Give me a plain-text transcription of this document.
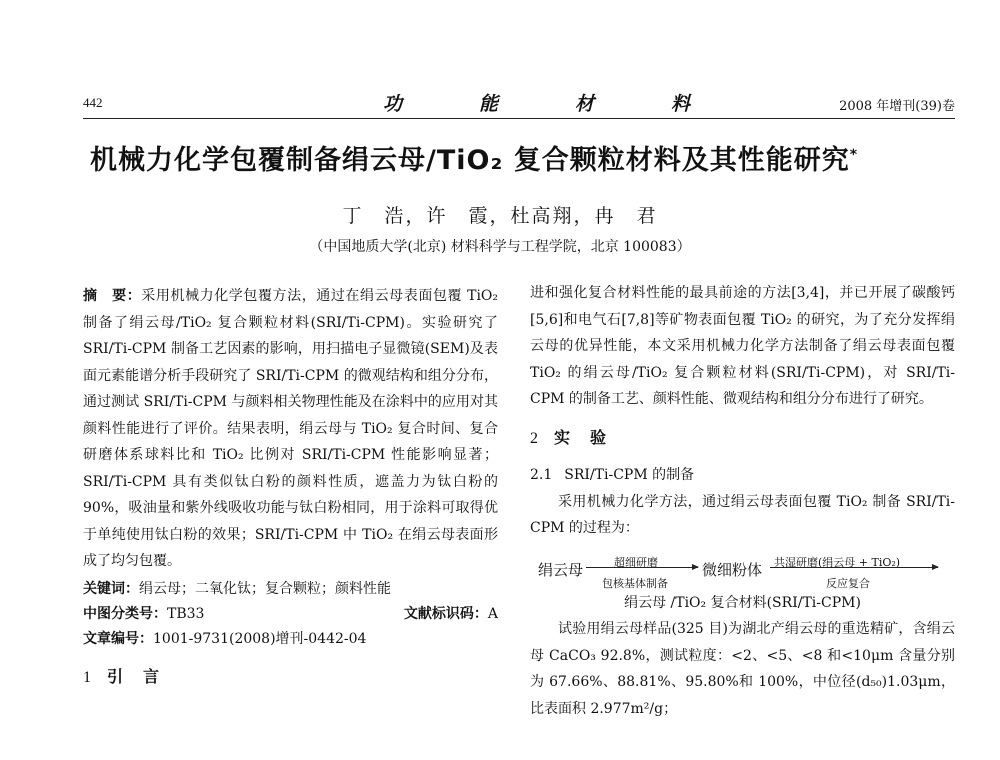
442	功	能	材	料	2008 年增刊(39)卷
机械力化学包覆制备绢云母/TiO₂ 复合颗粒材料及其性能研究*
丁　浩，许　霞，杜高翔，冉　君
（中国地质大学(北京) 材料科学与工程学院，北京 100083）
摘　要：采用机械力化学包覆方法，通过在绢云母表面包覆 TiO₂ 制备了绢云母/TiO₂ 复合颗粒材料(SRI/Ti-CPM)。实验研究了 SRI/Ti-CPM 制备工艺因素的影响，用扫描电子显微镜(SEM)及表面元素能谱分析手段研究了 SRI/Ti-CPM 的微观结构和组分分布，通过测试 SRI/Ti-CPM 与颜料相关物理性能及在涂料中的应用对其颜料性能进行了评价。结果表明，绢云母与 TiO₂ 复合时间、复合研磨体系球料比和 TiO₂ 比例对 SRI/Ti-CPM 性能影响显著；SRI/Ti-CPM 具有类似钛白粉的颜料性质，遮盖力为钛白粉的 90%，吸油量和紫外线吸收功能与钛白粉相同，用于涂料可取得优于单纯使用钛白粉的效果；SRI/Ti-CPM 中 TiO₂ 在绢云母表面形成了均匀包覆。
关键词：绢云母；二氧化钛；复合颗粒；颜料性能
中图分类号：TB33	文献标识码：A
文章编号：1001-9731(2008)增刊-0442-04
1 引　言
进和强化复合材料性能的最具前途的方法[3,4]，并已开展了碳酸钙[5,6]和电气石[7,8]等矿物表面包覆 TiO₂ 的研究，为了充分发挥绢云母的优异性能，本文采用机械力化学方法制备了绢云母表面包覆 TiO₂ 的绢云母/TiO₂ 复合颗粒材料(SRI/Ti-CPM)，对 SRI/Ti-CPM 的制备工艺、颜料性能、微观结构和组分分布进行了研究。
2 实　验
2.1 SRI/Ti-CPM 的制备
采用机械力化学方法，通过绢云母表面包覆 TiO₂ 制备 SRI/Ti-CPM 的过程为：
绢云母	超细研磨
包核基体制备
微细粉体 共湿研磨(绢云母 + TiO₂)
反应复合
绢云母 /TiO₂ 复合材料(SRI/Ti-CPM)
试验用绢云母样品(325 目)为湖北产绢云母的重选精矿，含绢云母 CaCO₃ 92.8%，测试粒度：<2、<5、<8 和<10μm 含量分别为 67.66%、88.81%、95.80%和 100%，中位径(d₅₀)1.03μm，比表面积 2.977m²/g；
